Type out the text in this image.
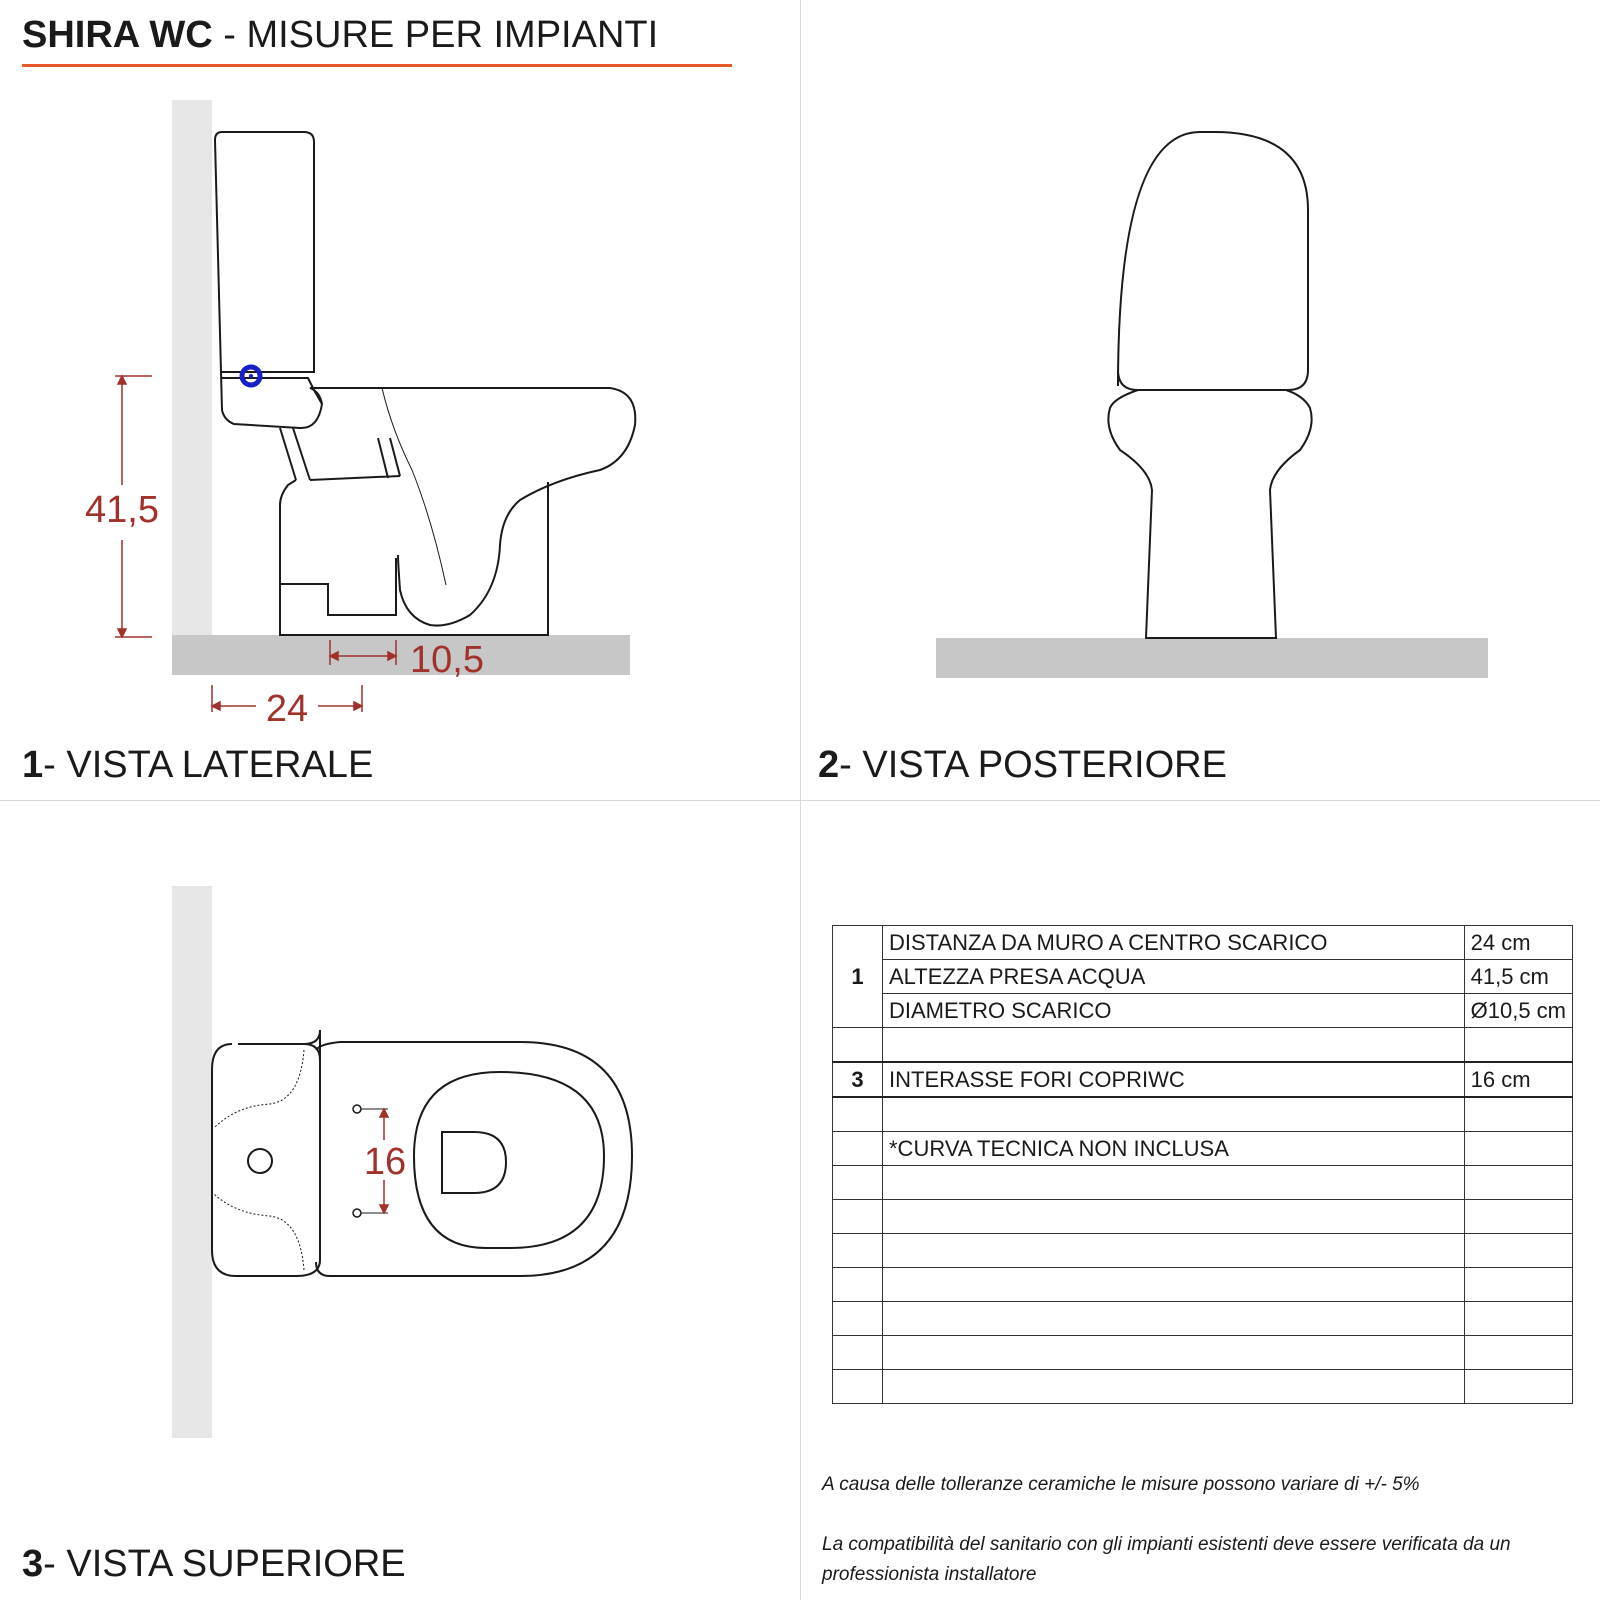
SHIRA WC - MISURE PER IMPIANTI
41,5
10,5
24
1- VISTA LATERALE	2- VISTA POSTERIORE
16
3- VISTA SUPERIORE
1	DISTANZA DA MURO A CENTRO SCARICO	24 cm
	ALTEZZA PRESA ACQUA	41,5 cm
	DIAMETRO SCARICO	Ø10,5 cm

3	INTERASSE FORI COPRIWC	16 cm

	*CURVA TECNICA NON INCLUSA	

A causa delle tolleranze ceramiche le misure possono variare di +/- 5%
La compatibilità del sanitario con gli impianti esistenti deve essere verificata da un professionista installatore
